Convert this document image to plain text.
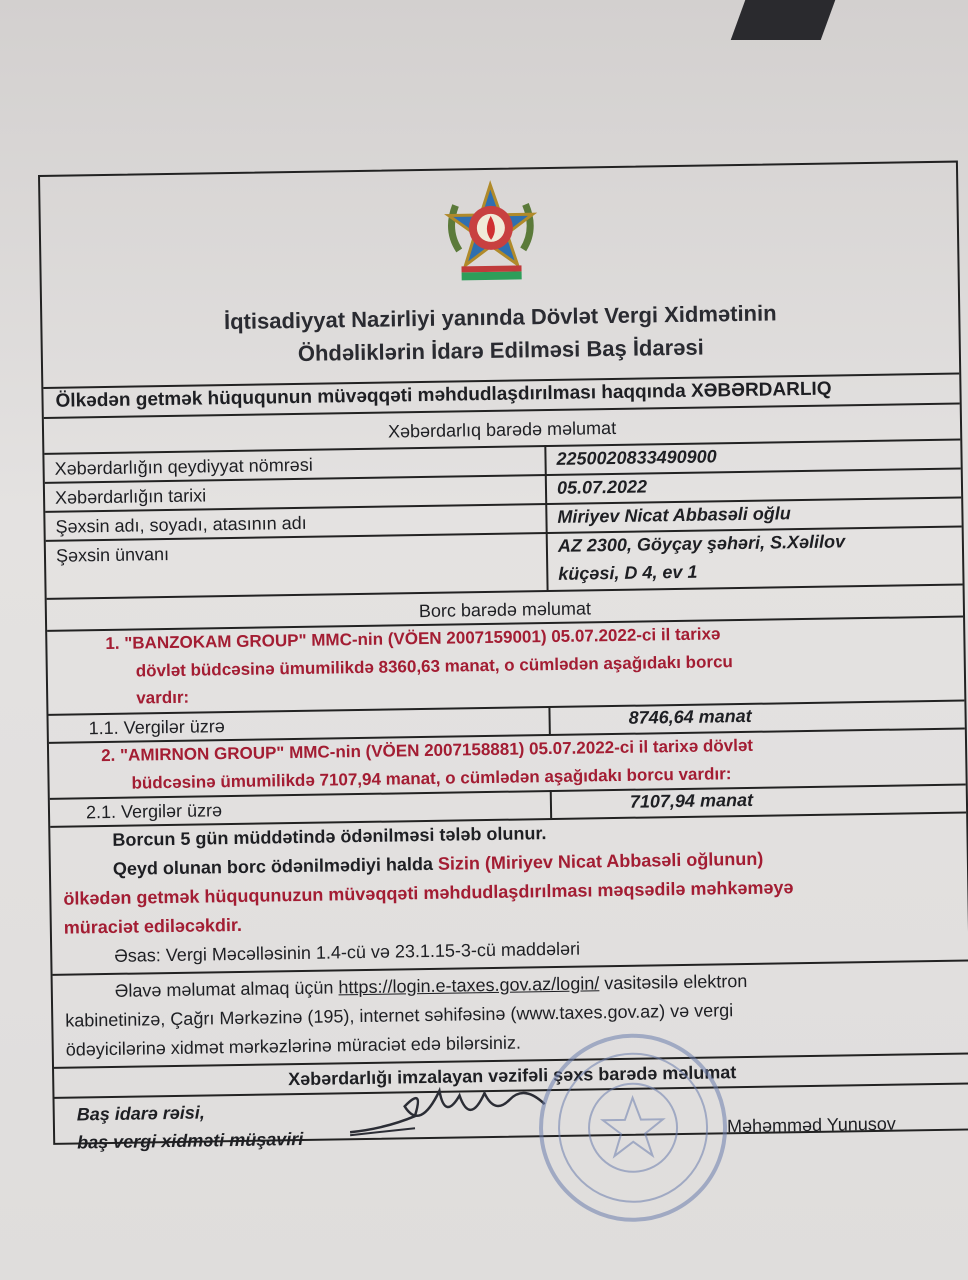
İqtisadiyyat Nazirliyi yanında Dövlət Vergi Xidmətinin
Öhdəliklərin İdarə Edilməsi Baş İdarəsi
Ölkədən getmək hüququnun müvəqqəti məhdudlaşdırılması haqqında XƏBƏRDARLIQ
Xəbərdarlıq barədə məlumat
Xəbərdarlığın qeydiyyat nömrəsi	2250020833490900
Xəbərdarlığın tarixi	05.07.2022
Şəxsin adı, soyadı, atasının adı	Miriyev Nicat Abbasəli oğlu
Şəxsin ünvanı	AZ 2300, Göyçay şəhəri, S.Xəlilov
küçəsi, D 4, ev 1
Borc barədə məlumat
1. "BANZOKAM GROUP" MMC-nin (VÖEN 2007159001) 05.07.2022-ci il tarixə
dövlət büdcəsinə ümumilikdə 8360,63 manat, o cümlədən aşağıdakı borcu
vardır:
1.1. Vergilər üzrə	8746,64 manat
2. "AMIRNON GROUP" MMC-nin (VÖEN 2007158881) 05.07.2022-ci il tarixə dövlət
büdcəsinə ümumilikdə 7107,94 manat, o cümlədən aşağıdakı borcu vardır:
2.1. Vergilər üzrə	7107,94 manat
Borcun 5 gün müddətində ödənilməsi tələb olunur.
Qeyd olunan borc ödənilmədiyi halda Sizin (Miriyev Nicat Abbasəli oğlunun)
ölkədən getmək hüququnuzun müvəqqəti məhdudlaşdırılması məqsədilə məhkəməyə
müraciət ediləcəkdir.
Əsas: Vergi Məcəlləsinin 1.4-cü və 23.1.15-3-cü maddələri
Əlavə məlumat almaq üçün https://login.e-taxes.gov.az/login/ vasitəsilə elektron
kabinetinizə, Çağrı Mərkəzinə (195), internet səhifəsinə (www.taxes.gov.az) və vergi
ödəyicilərinə xidmət mərkəzlərinə müraciət edə bilərsiniz.
Xəbərdarlığı imzalayan vəzifəli şəxs barədə məlumat
Baş idarə rəisi,
baş vergi xidməti müşaviri
Məhəmməd Yunusov
